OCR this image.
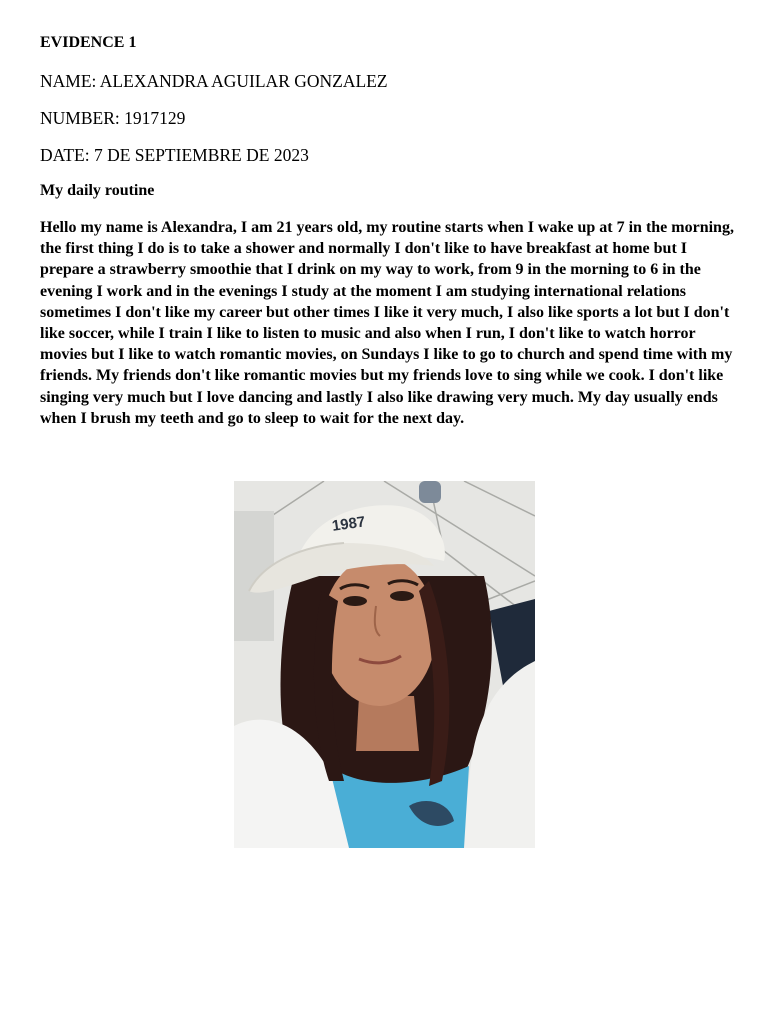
EVIDENCE 1

NAME: ALEXANDRA AGUILAR GONZALEZ

NUMBER: 1917129

DATE: 7 DE SEPTIEMBRE DE 2023

My daily routine

Hello my name is Alexandra, I am 21 years old, my routine starts when I wake up at 7 in the morning, the first thing I do is to take a shower and normally I don't like to have breakfast at home but I prepare a strawberry smoothie that I drink on my way to work, from 9 in the morning to 6 in the evening I work and in the evenings I study at the moment I am studying international relations sometimes I don't like my career but other times I like it very much, I also like sports a lot but I don't like soccer, while I train I like to listen to music and also when I run, I don't like to watch horror movies but I like to watch romantic movies, on Sundays I like to go to church and spend time with my friends. My friends don't like romantic movies but my friends love to sing while we cook. I don't like singing very much but I love dancing and lastly I also like drawing very much. My day usually ends when I brush my teeth and go to sleep to wait for the next day.

1987
